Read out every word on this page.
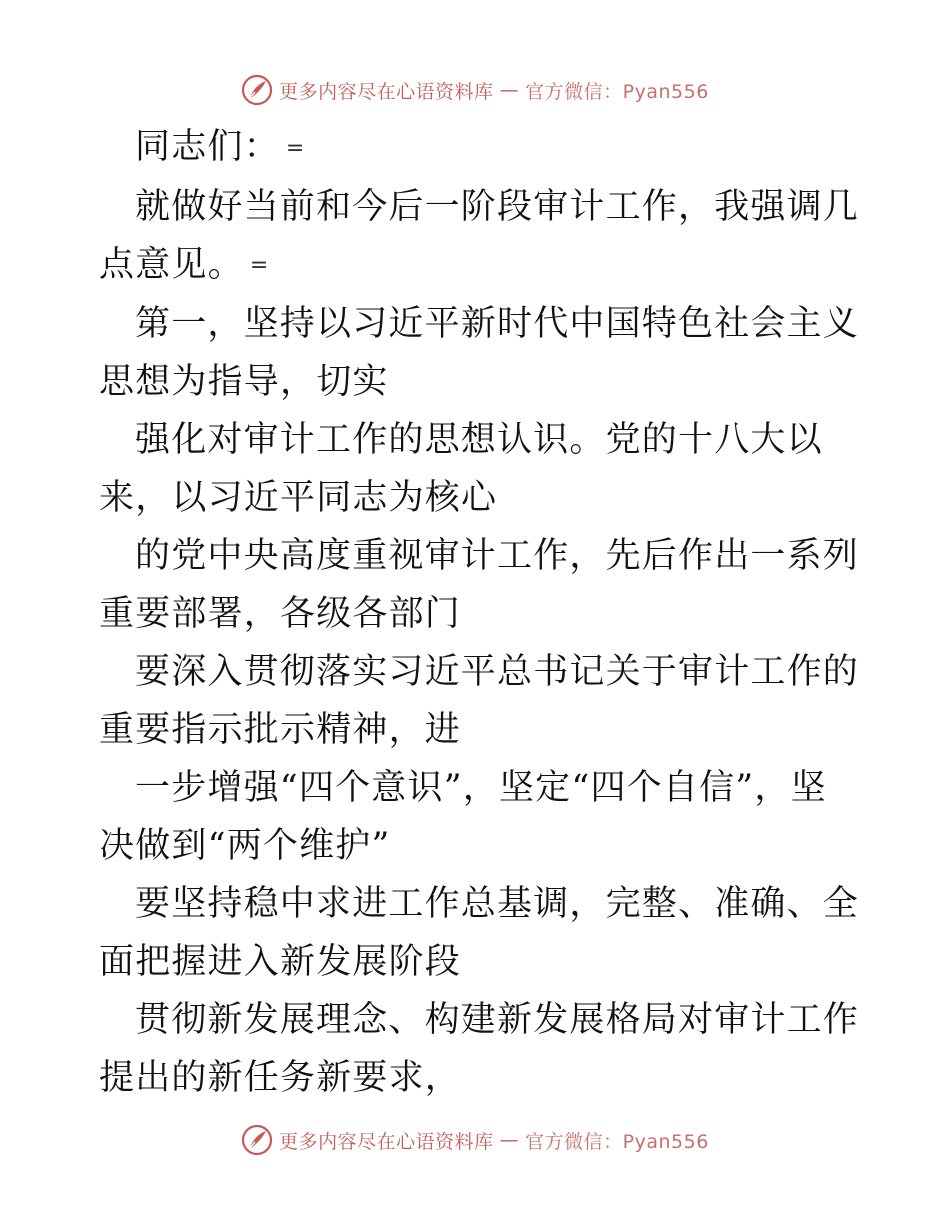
更多内容尽在心语资料库 — 官方微信：Pyan556

同志们： =

就做好当前和今后一阶段审计工作，我强调几点意见。 =

第一，坚持以习近平新时代中国特色社会主义思想为指导，切实

强化对审计工作的思想认识。党的十八大以来，以习近平同志为核心

的党中央高度重视审计工作，先后作出一系列重要部署，各级各部门

要深入贯彻落实习近平总书记关于审计工作的重要指示批示精神，进

一步增强“四个意识”，坚定“四个自信”，坚决做到“两个维护”

要坚持稳中求进工作总基调，完整、准确、全面把握进入新发展阶段

贯彻新发展理念、构建新发展格局对审计工作提出的新任务新要求，

更多内容尽在心语资料库 — 官方微信：Pyan556
